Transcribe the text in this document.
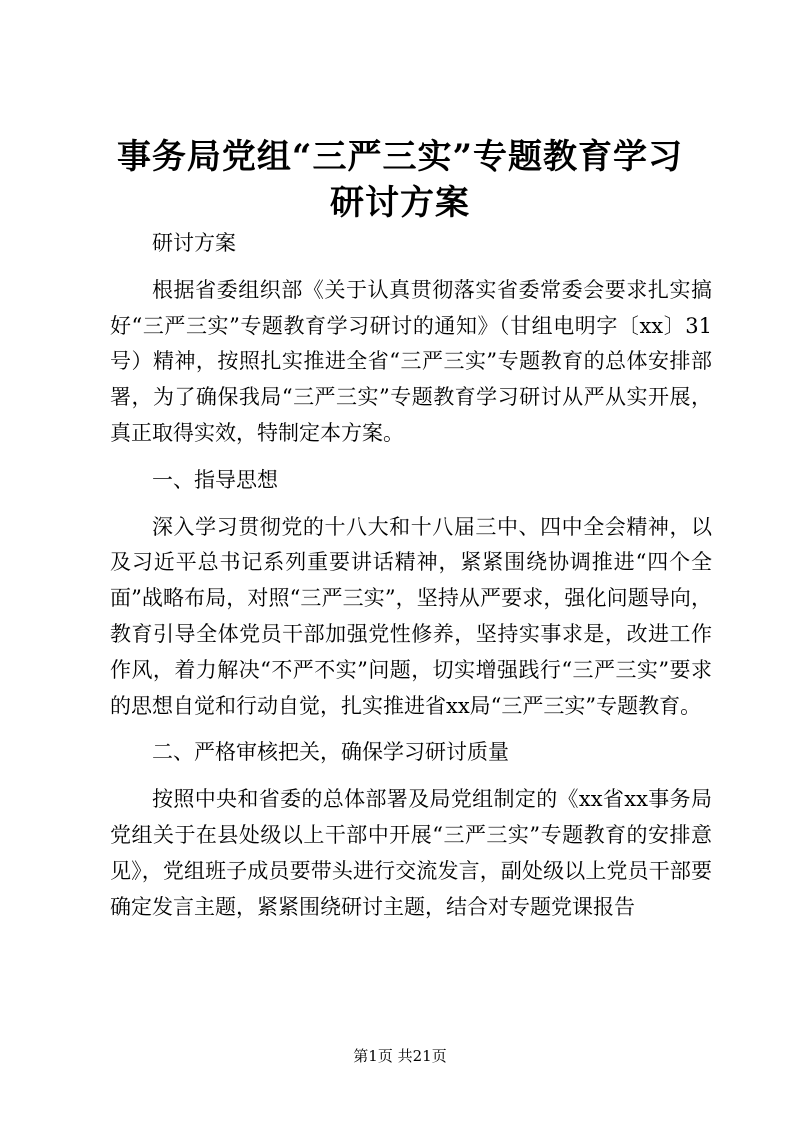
事务局党组“三严三实”专题教育学习研讨方案

研讨方案

根据省委组织部《关于认真贯彻落实省委常委会要求扎实搞好“三严三实”专题教育学习研讨的通知》（甘组电明字〔xx〕31号）精神，按照扎实推进全省“三严三实”专题教育的总体安排部署，为了确保我局“三严三实”专题教育学习研讨从严从实开展，真正取得实效，特制定本方案。

一、指导思想

深入学习贯彻党的十八大和十八届三中、四中全会精神，以及习近平总书记系列重要讲话精神，紧紧围绕协调推进“四个全面”战略布局，对照“三严三实”，坚持从严要求，强化问题导向，教育引导全体党员干部加强党性修养，坚持实事求是，改进工作作风，着力解决“不严不实”问题，切实增强践行“三严三实”要求的思想自觉和行动自觉，扎实推进省xx局“三严三实”专题教育。

二、严格审核把关，确保学习研讨质量

按照中央和省委的总体部署及局党组制定的《xx省xx事务局党组关于在县处级以上干部中开展“三严三实”专题教育的安排意见》，党组班子成员要带头进行交流发言，副处级以上党员干部要确定发言主题，紧紧围绕研讨主题，结合对专题党课报告

第1页 共21页
